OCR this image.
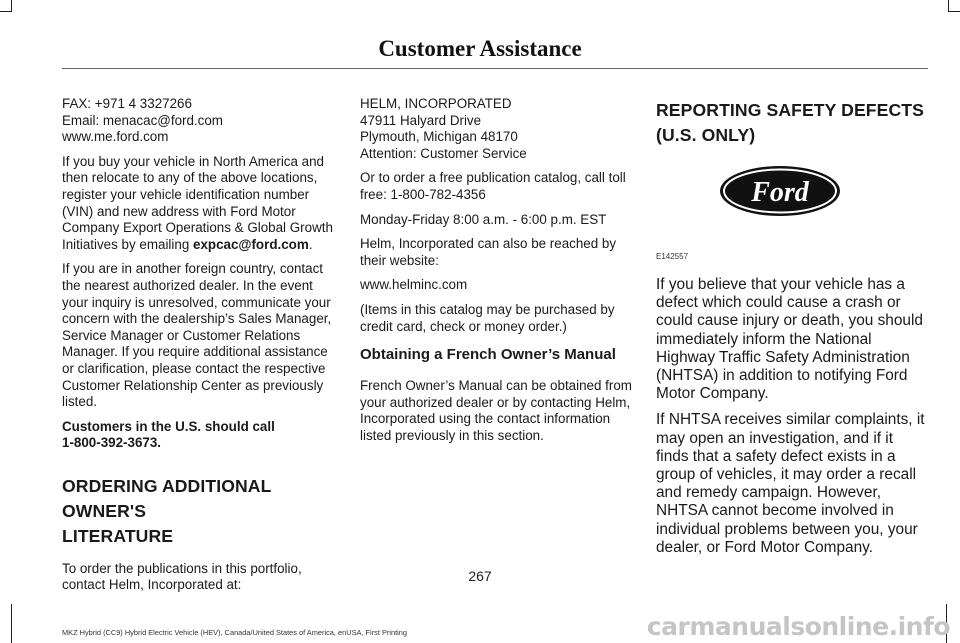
Customer Assistance

FAX: +971 4 3327266

Email: menacac@ford.com

www.me.ford.com

If you buy your vehicle in North America and then relocate to any of the above locations, register your vehicle identification number (VIN) and new address with Ford Motor Company Export Operations & Global Growth Initiatives by emailing expcac@ford.com.

If you are in another foreign country, contact the nearest authorized dealer. In the event your inquiry is unresolved, communicate your concern with the dealership’s Sales Manager, Service Manager or Customer Relations Manager. If you require additional assistance or clarification, please contact the respective Customer Relationship Center as previously listed.

Customers in the U.S. should call

1-800-392-3673.

ORDERING ADDITIONAL OWNER'S
LITERATURE

To order the publications in this portfolio, contact Helm, Incorporated at:

HELM, INCORPORATED

47911 Halyard Drive

Plymouth, Michigan 48170

Attention: Customer Service

Or to order a free publication catalog, call toll free: 1-800-782-4356

Monday-Friday 8:00 a.m. - 6:00 p.m. EST

Helm, Incorporated can also be reached by their website:

www.helminc.com

(Items in this catalog may be purchased by credit card, check or money order.)

Obtaining a French Owner’s Manual

French Owner’s Manual can be obtained from your authorized dealer or by contacting Helm, Incorporated using the contact information listed previously in this section.

REPORTING SAFETY DEFECTS
(U.S. ONLY)
Ford
E142557

If you believe that your vehicle has a defect which could cause a crash or could cause injury or death, you should immediately inform the National Highway Traffic Safety Administration (NHTSA) in addition to notifying Ford Motor Company.

If NHTSA receives similar complaints, it may open an investigation, and if it finds that a safety defect exists in a group of vehicles, it may order a recall and remedy campaign. However, NHTSA cannot become involved in individual problems between you, your dealer, or Ford Motor Company.

267
MKZ Hybrid (CC9) Hybrid Electric Vehicle (HEV), Canada/United States of America, enUSA, First Printing	carmanualsonline.info
